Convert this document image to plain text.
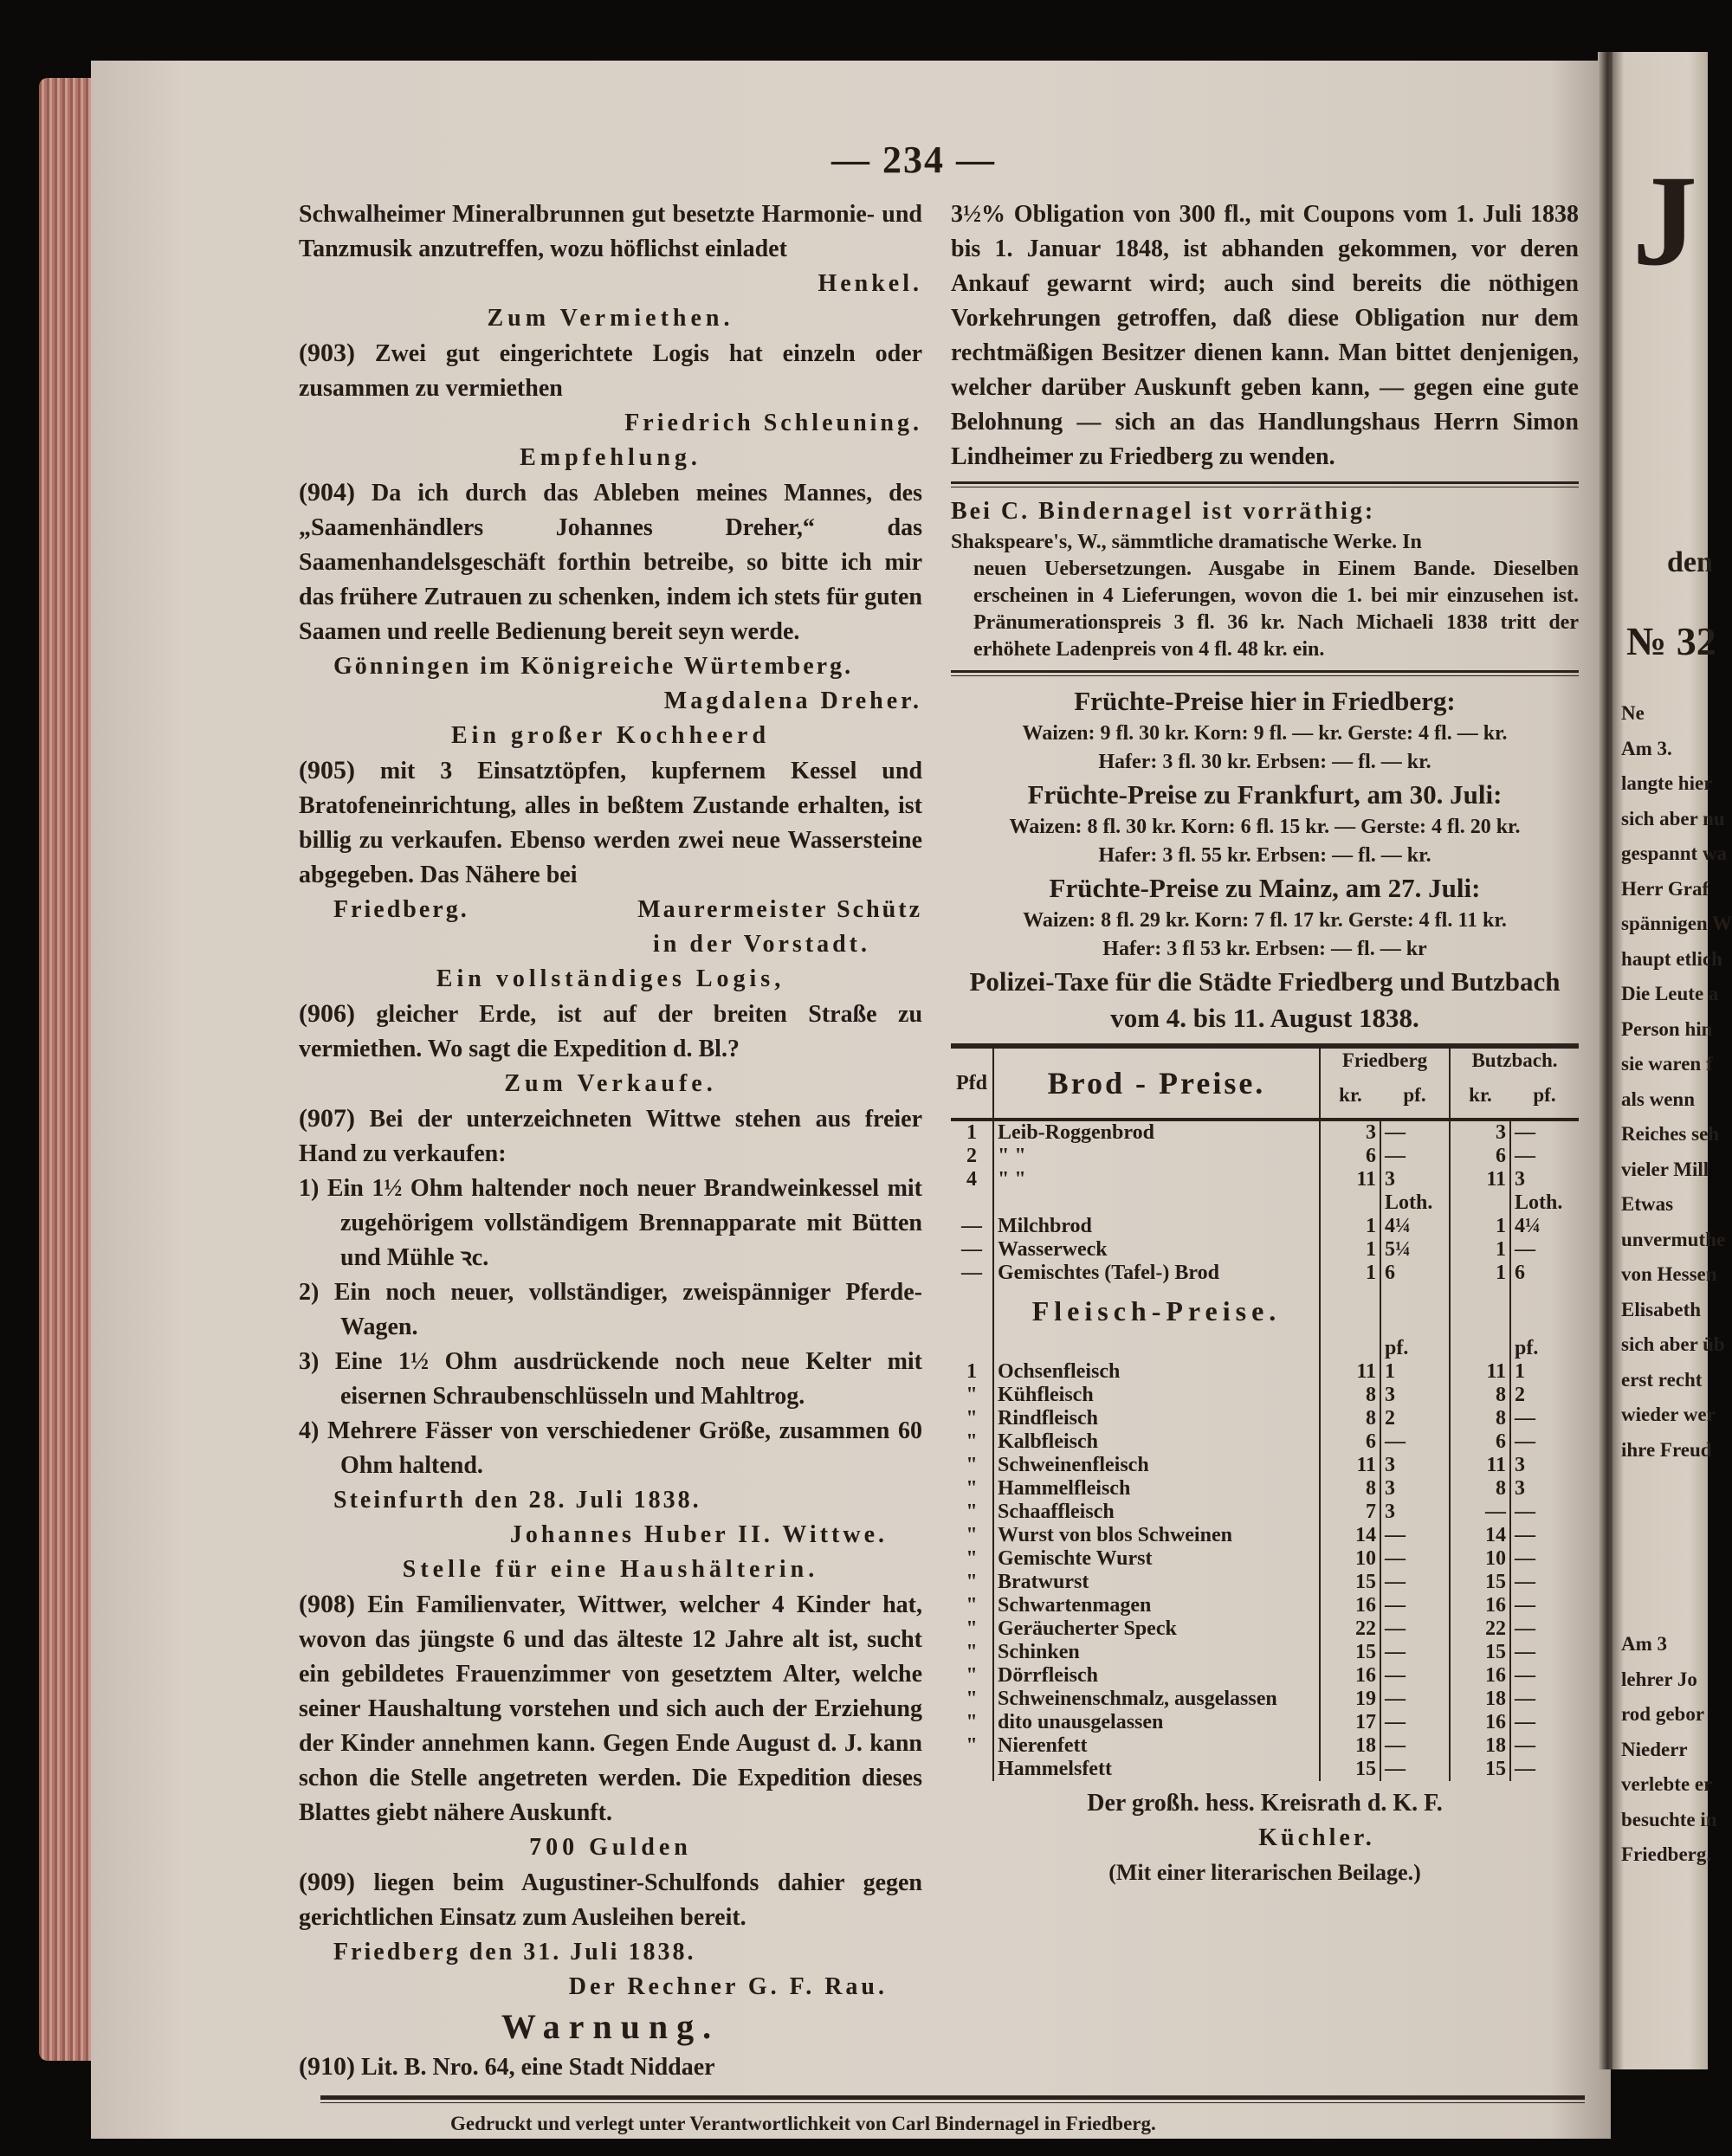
— 234 —
Schwalheimer Mineralbrunnen gut besetzte Harmonie- und Tanzmusik anzutreffen, wozu höflichst einladet
Henkel.
Zum Vermiethen.
(903) Zwei gut eingerichtete Logis hat einzeln oder zusammen zu vermiethen
Friedrich Schleuning.
Empfehlung.
(904) Da ich durch das Ableben meines Mannes, des „Saamenhändlers Johannes Dreher,“ das Saamenhandelsgeschäft forthin betreibe, so bitte ich mir das frühere Zutrauen zu schenken, indem ich stets für guten Saamen und reelle Bedienung bereit seyn werde.
Gönningen im Königreiche Würtemberg.
Magdalena Dreher.
Ein großer Kochheerd
(905) mit 3 Einsatztöpfen, kupfernem Kessel und Bratofeneinrichtung, alles in beßtem Zustande erhalten, ist billig zu verkaufen. Ebenso werden zwei neue Wassersteine abgegeben. Das Nähere bei
Friedberg.	Maurermeister Schütz
in der Vorstadt.
Ein vollständiges Logis,
(906) gleicher Erde, ist auf der breiten Straße zu vermiethen. Wo sagt die Expedition d. Bl.?
Zum Verkaufe.
(907) Bei der unterzeichneten Wittwe stehen aus freier Hand zu verkaufen:
1) Ein 1½ Ohm haltender noch neuer Brandweinkessel mit zugehörigem vollständigem Brennapparate mit Bütten und Mühle ꝛc.
2) Ein noch neuer, vollständiger, zweispänniger Pferde-Wagen.
3) Eine 1½ Ohm ausdrückende noch neue Kelter mit eisernen Schraubenschlüsseln und Mahltrog.
4) Mehrere Fässer von verschiedener Größe, zusammen 60 Ohm haltend.
Steinfurth den 28. Juli 1838.
Johannes Huber II. Wittwe.
Stelle für eine Haushälterin.
(908) Ein Familienvater, Wittwer, welcher 4 Kinder hat, wovon das jüngste 6 und das älteste 12 Jahre alt ist, sucht ein gebildetes Frauenzimmer von gesetztem Alter, welche seiner Haushaltung vorstehen und sich auch der Erziehung der Kinder annehmen kann. Gegen Ende August d. J. kann schon die Stelle angetreten werden. Die Expedition dieses Blattes giebt nähere Auskunft.
700 Gulden
(909) liegen beim Augustiner-Schulfonds dahier gegen gerichtlichen Einsatz zum Ausleihen bereit.
Friedberg den 31. Juli 1838.
Der Rechner G. F. Rau.
Warnung.
(910) Lit. B. Nro. 64, eine Stadt Niddaer
3½% Obligation von 300 fl., mit Coupons vom 1. Juli 1838 bis 1. Januar 1848, ist abhanden gekommen, vor deren Ankauf gewarnt wird; auch sind bereits die nöthigen Vorkehrungen getroffen, daß diese Obligation nur dem rechtmäßigen Besitzer dienen kann. Man bittet denjenigen, welcher darüber Auskunft geben kann, — gegen eine gute Belohnung — sich an das Handlungshaus Herrn Simon Lindheimer zu Friedberg zu wenden.
Bei C. Bindernagel ist vorräthig:
Shakspeare's, W., sämmtliche dramatische Werke. In
neuen Uebersetzungen. Ausgabe in Einem Bande. Dieselben erscheinen in 4 Lieferungen, wovon die 1. bei mir einzusehen ist. Pränumerationspreis 3 fl. 36 kr. Nach Michaeli 1838 tritt der erhöhete Ladenpreis von 4 fl. 48 kr. ein.
Früchte-Preise hier in Friedberg:
Waizen: 9 fl. 30 kr. Korn: 9 fl. — kr. Gerste: 4 fl. — kr.
Hafer: 3 fl. 30 kr. Erbsen: — fl. — kr.
Früchte-Preise zu Frankfurt, am 30. Juli:
Waizen: 8 fl. 30 kr. Korn: 6 fl. 15 kr. — Gerste: 4 fl. 20 kr.
Hafer: 3 fl. 55 kr. Erbsen: — fl. — kr.
Früchte-Preise zu Mainz, am 27. Juli:
Waizen: 8 fl. 29 kr. Korn: 7 fl. 17 kr. Gerste: 4 fl. 11 kr.
Hafer: 3 fl 53 kr. Erbsen: — fl. — kr
Polizei-Taxe für die Städte Friedberg und Butzbach vom 4. bis 11. August 1838.
Pfd	Brod - Preise.	Friedberg		Butzbach.	
		kr.	pf.	kr.	pf.
1	Leib-Roggenbrod	3	—	3	—
2	" "	6	—	6	—
4	" "	11	3	11	3
			Loth.		Loth.
—	Milchbrod	1	4¼	1	4¼
—	Wasserweck	1	5¼	1	—
—	Gemischtes (Tafel-) Brod	1	6	1	6
	Fleisch-Preise.				
			pf.		pf.
1	Ochsenfleisch	11	1	11	1
"	Kühfleisch	8	3	8	2
"	Rindfleisch	8	2	8	—
"	Kalbfleisch	6	—	6	—
"	Schweinenfleisch	11	3	11	3
"	Hammelfleisch	8	3	8	3
"	Schaaffleisch	7	3	—	—
"	Wurst von blos Schweinen	14	—	14	—
"	Gemischte Wurst	10	—	10	—
"	Bratwurst	15	—	15	—
"	Schwartenmagen	16	—	16	—
"	Geräucherter Speck	22	—	22	—
"	Schinken	15	—	15	—
"	Dörrfleisch	16	—	16	—
"	Schweinenschmalz, ausgelassen	19	—	18	—
"	dito unausgelassen	17	—	16	—
"	Nierenfett	18	—	18	—
	Hammelsfett	15	—	15	—
Der großh. hess. Kreisrath d. K. F.
Küchler.
(Mit einer literarischen Beilage.)
Gedruckt und verlegt unter Verantwortlichkeit von Carl Bindernagel in Friedberg.
J
den
№ 32
Ne
Am 3.
langte hier
sich aber nu
gespannt wa
Herr Graf
spännigen W
haupt etlich
Die Leute a
Person hin
sie waren f
als wenn
Reiches seh
vieler Mill
Etwas
unvermuthe
von Hessen
Elisabeth
sich aber üb
erst recht
wieder wer
ihre Freud
Am 3
lehrer Jo
rod gebor
Niederr
verlebte er
besuchte in
Friedberg.
